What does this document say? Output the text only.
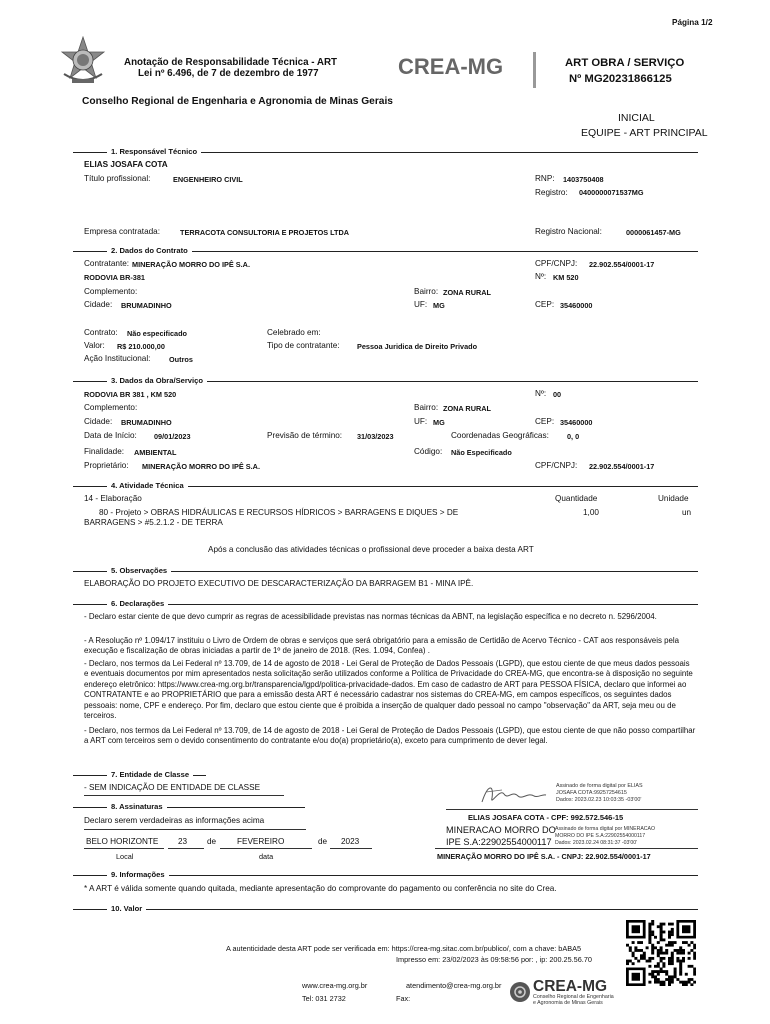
Página 1/2
Anotação de Responsabilidade Técnica - ART
Lei nº 6.496, de 7 de dezembro de 1977	CREA-MG	ART OBRA / SERVIÇO
Nº MG20231866125
Conselho Regional de Engenharia e Agronomia de Minas Gerais
INICIAL
EQUIPE - ART PRINCIPAL
1. Responsável Técnico
ELIAS JOSAFA COTA
Título profissional:	ENGENHEIRO CIVIL	RNP: 1403750408
Registro: 0400000071537MG
Empresa contratada:	TERRACOTA CONSULTORIA E PROJETOS LTDA	Registro Nacional:	0000061457-MG
2. Dados do Contrato
Contratante: MINERAÇÃO MORRO DO IPÊ S.A.	CPF/CNPJ: 22.902.554/0001-17
RODOVIA BR-381	Nº: KM 520
Complemento:	Bairro: ZONA RURAL
Cidade: BRUMADINHO	UF: MG	CEP: 35460000
Contrato: Não especificado	Celebrado em:
Valor: R$ 210.000,00	Tipo de contratante: Pessoa Juridica de Direito Privado
Ação Institucional:	Outros
3. Dados da Obra/Serviço
RODOVIA BR 381 , KM 520	Nº: 00
Complemento:	Bairro: ZONA RURAL
Cidade: BRUMADINHO	UF: MG	CEP: 35460000
Data de Início: 09/01/2023	Previsão de término: 31/03/2023	Coordenadas Geográficas: 0, 0
Finalidade: AMBIENTAL	Código: Não Especificado
Proprietário: MINERAÇÃO MORRO DO IPÊ S.A.	CPF/CNPJ: 22.902.554/0001-17
4. Atividade Técnica
14 - Elaboração	Quantidade	Unidade
80 - Projeto > OBRAS HIDRÁULICAS E RECURSOS HÍDRICOS > BARRAGENS E DIQUES > DE
BARRAGENS > #5.2.1.2 - DE TERRA
1,00	un
Após a conclusão das atividades técnicas o profissional deve proceder a baixa desta ART
5. Observações
ELABORAÇÃO DO PROJETO EXECUTIVO DE DESCARACTERIZAÇÃO DA BARRAGEM B1 - MINA IPÊ.
6. Declarações
- Declaro estar ciente de que devo cumprir as regras de acessibilidade previstas nas normas técnicas da ABNT, na legislação específica e no decreto n. 5296/2004.
- A Resolução nº 1.094/17 instituiu o Livro de Ordem de obras e serviços que será obrigatório para a emissão de Certidão de Acervo Técnico - CAT aos responsáveis pela execução e fiscalização de obras iniciadas a partir de 1º de janeiro de 2018. (Res. 1.094, Confea) .
- Declaro, nos termos da Lei Federal nº 13.709, de 14 de agosto de 2018 - Lei Geral de Proteção de Dados Pessoais (LGPD), que estou ciente de que meus dados pessoais e eventuais documentos por mim apresentados nesta solicitação serão utilizados conforme a Política de Privacidade do CREA-MG, que encontra-se à disposição no seguinte endereço eletrônico: https://www.crea-mg.org.br/transparencia/lgpd/politica-privacidade-dados. Em caso de cadastro de ART para PESSOA FÍSICA, declaro que informei ao CONTRATANTE e ao PROPRIETÁRIO que para a emissão desta ART é necessário cadastrar nos sistemas do CREA-MG, em campos específicos, os seguintes dados pessoais: nome, CPF e endereço. Por fim, declaro que estou ciente que é proibida a inserção de qualquer dado pessoal no campo "observação" da ART, seja meu ou de terceiros.
- Declaro, nos termos da Lei Federal nº 13.709, de 14 de agosto de 2018 - Lei Geral de Proteção de Dados Pessoais (LGPD), que estou ciente de que não posso compartilhar a ART com terceiros sem o devido consentimento do contratante e/ou do(a) proprietário(a), exceto para cumprimento de dever legal.
7. Entidade de Classe
- SEM INDICAÇÃO DE ENTIDADE DE CLASSE
8. Assinaturas
Declaro serem verdadeiras as informações acima
BELO HORIZONTE 23 de	FEVEREIRO	de 2023
Local	data
Assinado de forma digital por ELIAS
JOSAFA COTA:99257254615
Dados: 2023.02.23 10:03:35 -03'00'
ELIAS JOSAFA COTA - CPF: 992.572.546-15
MINERACAO MORRO DO
IPE S.A:22902554000117
Assinado de forma digital por MINERACAO
MORRO DO IPE S.A:22902554000117
Dados: 2023.02.24 08:31:37 -03'00'
MINERAÇÃO MORRO DO IPÊ S.A. - CNPJ: 22.902.554/0001-17
9. Informações
* A ART é válida somente quando quitada, mediante apresentação do comprovante do pagamento ou conferência no site do Crea.
10. Valor
A autenticidade desta ART pode ser verificada em: https://crea-mg.sitac.com.br/publico/, com a chave: bABA5
Impresso em: 23/02/2023 às 09:58:56 por: , ip: 200.25.56.70
www.crea-mg.org.br	atendimento@crea-mg.org.br
Tel: 031 2732	Fax:
CREA-MG
Conselho Regional de Engenharia
e Agronomia de Minas Gerais
